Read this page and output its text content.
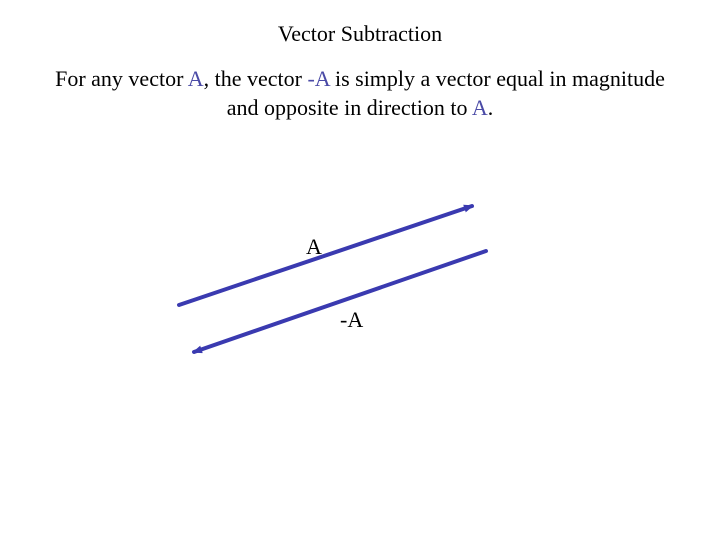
Vector Subtraction
For any vector A, the vector -A is simply a vector equal in magnitude and opposite in direction to A.
A
-A
